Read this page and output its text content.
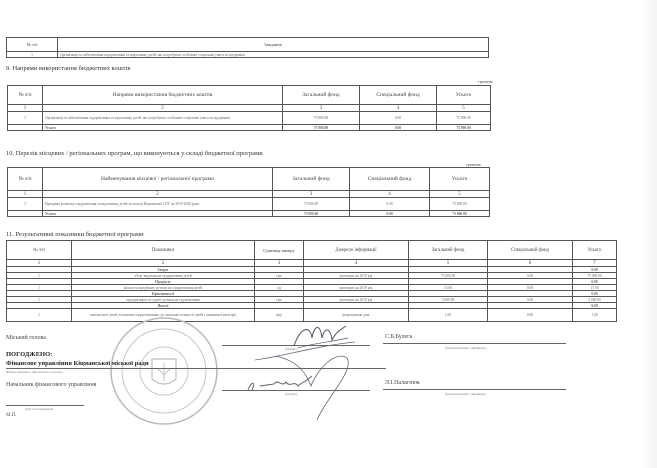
№ з/п	Завдання
1	Організація та забезпечення оздоровлення та відпочинку дітей, які потребують особливої соціальної уваги та підтримки
9. Напрями використання бюджетних коштів
гривень
№ з/п	Напрями використання бюджетних коштів	Загальний фонд	Спеціальний фонд	Усього
1	2	3	4	5
1	Організація та забезпечення оздоровлення та відпочинку дітей, які потребують особливої соціальної уваги та підтримки	75 000.00	0.00	75 000.00
	Усього	75 000.00	0.00	75 000.00
10. Перелік місцевих / регіональних програм, що виконуються у складі бюджетної програми
гривень
№ з/п	Найменування місцевої / регіональної програми	Загальний фонд	Спеціальний фонд	Усього
1	2	3	4	5
1	Програма розвитку оздоровлення та відпочинку дітей та молоді Кіцманської ОТГ на 2019-2020 роки	75 000.00	0.00	75 000.00
	Усього	75 000.00	0.00	75 000.00
11. Результативні показники бюджетної програми
№ з/п	Показники	Одиниця виміру	Джерело інформації	Загальний фонд	Спеціальний фонд	Усього
1	2	3	4	5	6	7
	Затрат					0.00
1	обсяг видатків на оздоровлення дітей	грн	кошторис на 2019 рік	75 000.00	0.00	75 000.00
	Продукту					0.00
1	кількість придбаних путівок на оздоровлення дітей	од	кошторис на 2019 рік	15.00	0.00	15.00
	Ефективності					0.00
1	середня вартість однієї путівки на оздоровлення	грн	кошторис на 2019 рік	5 000.00	0.00	5 000.00
	Якості					0.00
1	питома вага дітей, охоплених оздоровленням, до загальної кількості дітей з зазначеної категорії	відс	розрахункові дані	1.00	0.00	1.00
Міський голова
(підпис)
С.Б.Булега
(ініціали/ініціал, прізвище)
ПОГОДЖЕНО:
Фінансове управління Кіцманської міської ради
(Назва місцевого фінансового органу)
Начальник фінансового управління
(підпис)
Л.І.Палагнюк
(ініціали/ініціал, прізвище)
(Дата погодження)
М.П.
